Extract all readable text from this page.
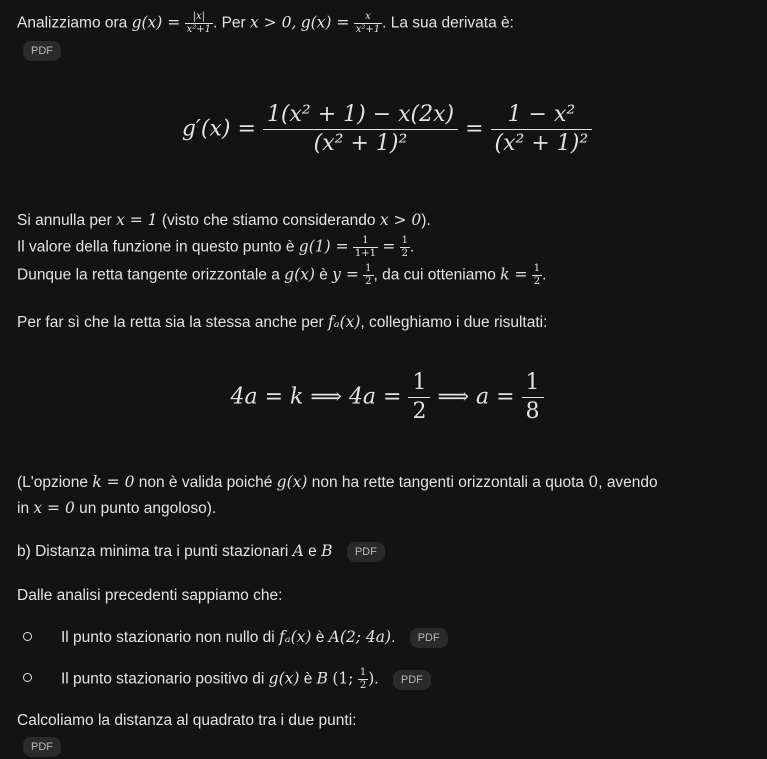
Analizziamo ora $g(x) = \frac{|x|}{\text{x²+1}}$ . Per x > 0, $g(x) = \frac{x}{\text{x²+1}}$ . La sua derivata è:
PDF
$g'(x) = \frac{\text{1(x² + 1) − x(2x)}}{\text{(x² + 1)²}} = \frac{\text{1 − x²}}{\text{(x² + 1)²}}$
Si annulla per x = 1 (visto che stiamo considerando x > 0).
Il valore della funzione in questo punto è $g(1) = \frac{1}{1+1} = \frac{1}{2}$ .
Dunque la retta tangente orizzontale a g(x) è $y = \frac{1}{2}$ , da cui otteniamo $k = \frac{1}{2}$ .
Per far sì che la retta sia la stessa anche per fₐ(x), colleghiamo i due risultati:
4a = k ⟹ $4a = \frac{1}{2}$ ⟹ $a = \frac{1}{8}$
(L'opzione k = 0 non è valida poiché g(x) non ha rette tangenti orizzontali a quota 0, avendo
in x = 0 un punto angoloso).
b) Distanza minima tra i punti stazionari A e B PDF
Dalle analisi precedenti sappiamo che:
Il punto stazionario non nullo di fₐ(x) è A(2; 4a). PDF
Il punto stazionario positivo di g(x) è B (1; $\frac{1}{2}$ ). PDF
Calcoliamo la distanza al quadrato tra i due punti:
PDF
